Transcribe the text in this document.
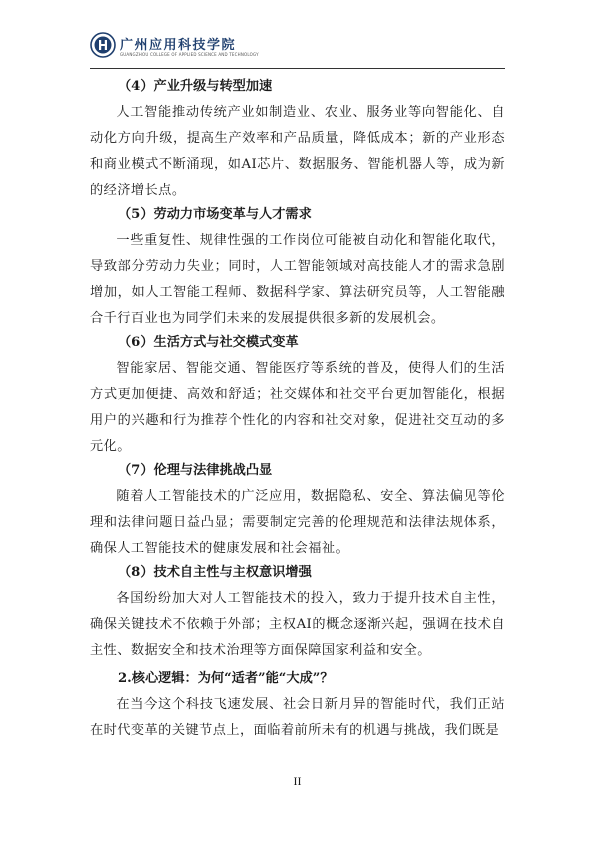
广州应用科技学院
GUANGZHOU COLLEGE OF APPLIED SCIENCE AND TECHNOLOGY
（4）产业升级与转型加速
人工智能推动传统产业如制造业、农业、服务业等向智能化、自动化方向升级，提高生产效率和产品质量，降低成本；新的产业形态和商业模式不断涌现，如AI芯片、数据服务、智能机器人等，成为新的经济增长点。
（5）劳动力市场变革与人才需求
一些重复性、规律性强的工作岗位可能被自动化和智能化取代，导致部分劳动力失业；同时，人工智能领域对高技能人才的需求急剧增加，如人工智能工程师、数据科学家、算法研究员等，人工智能融合千行百业也为同学们未来的发展提供很多新的发展机会。
（6）生活方式与社交模式变革
智能家居、智能交通、智能医疗等系统的普及，使得人们的生活方式更加便捷、高效和舒适；社交媒体和社交平台更加智能化，根据用户的兴趣和行为推荐个性化的内容和社交对象，促进社交互动的多元化。
（7）伦理与法律挑战凸显
随着人工智能技术的广泛应用，数据隐私、安全、算法偏见等伦理和法律问题日益凸显；需要制定完善的伦理规范和法律法规体系，确保人工智能技术的健康发展和社会福祉。
（8）技术自主性与主权意识增强
各国纷纷加大对人工智能技术的投入，致力于提升技术自主性，确保关键技术不依赖于外部；主权AI的概念逐渐兴起，强调在技术自主性、数据安全和技术治理等方面保障国家利益和安全。
2.核心逻辑：为何“适者”能“大成”？
在当今这个科技飞速发展、社会日新月异的智能时代，我们正站在时代变革的关键节点上，面临着前所未有的机遇与挑战，我们既是
II
